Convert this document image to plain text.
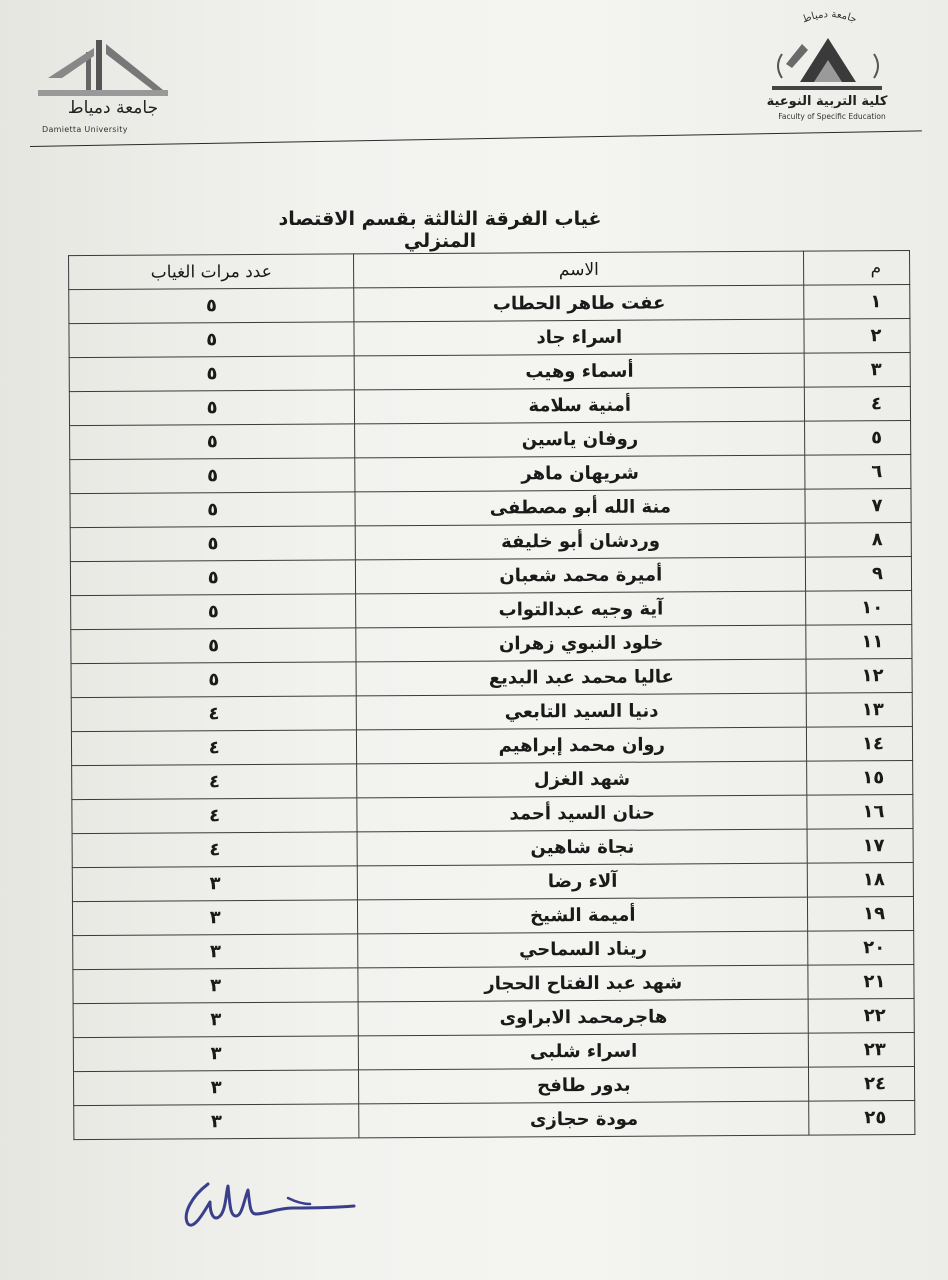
جامعة دمياط
Damietta University
جامعة دمياط
كلية التربية النوعية
Faculty of Specific Education
غياب الفرقة الثالثة بقسم الاقتصاد المنزلي
م	الاسم	عدد مرات الغياب
١	عفت طاهر الحطاب	٥
٢	اسراء جاد	٥
٣	أسماء وهيب	٥
٤	أمنية سلامة	٥
٥	روفان ياسين	٥
٦	شريهان ماهر	٥
٧	منة الله أبو مصطفى	٥
٨	وردشان أبو خليفة	٥
٩	أميرة محمد شعبان	٥
١٠	آية وجيه عبدالتواب	٥
١١	خلود النبوي زهران	٥
١٢	عاليا محمد عبد البديع	٥
١٣	دنيا السيد التابعي	٤
١٤	روان محمد إبراهيم	٤
١٥	شهد الغزل	٤
١٦	حنان السيد أحمد	٤
١٧	نجاة شاهين	٤
١٨	آلاء رضا	٣
١٩	أميمة الشيخ	٣
٢٠	ريناد السماحي	٣
٢١	شهد عبد الفتاح الحجار	٣
٢٢	هاجرمحمد الابراوى	٣
٢٣	اسراء شلبى	٣
٢٤	بدور طافح	٣
٢٥	مودة حجازى	٣
